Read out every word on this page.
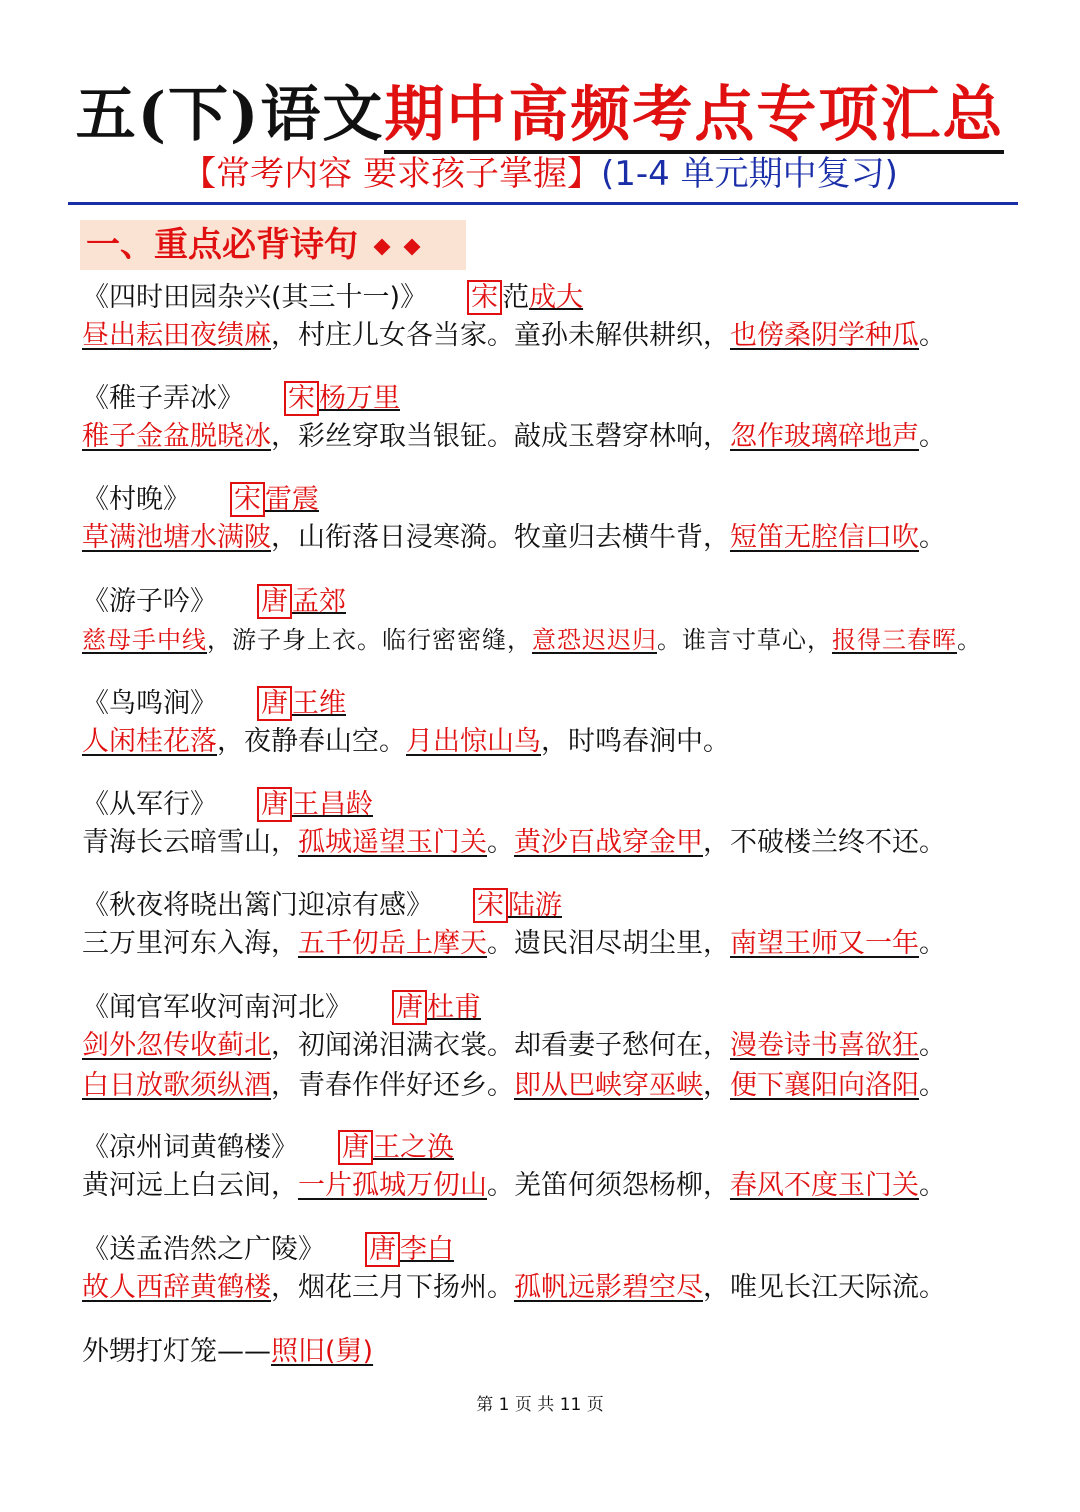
五(下)语文期中高频考点专项汇总
【常考内容 要求孩子掌握】(1-4 单元期中复习)
一、重点必背诗句
《四时田园杂兴(其三十一)》 宋 范成大
昼出耘田夜绩麻，村庄儿女各当家。童孙未解供耕织，也傍桑阴学种瓜。
《稚子弄冰》 宋 杨万里
稚子金盆脱晓冰，彩丝穿取当银钲。敲成玉磬穿林响，忽作玻璃碎地声。
《村晚》 宋 雷震
草满池塘水满陂，山衔落日浸寒漪。牧童归去横牛背，短笛无腔信口吹。
《游子吟》 唐 孟郊
慈母手中线，游子身上衣。临行密密缝，意恐迟迟归。谁言寸草心，报得三春晖。
《鸟鸣涧》 唐 王维
人闲桂花落，夜静春山空。月出惊山鸟，时鸣春涧中。
《从军行》 唐 王昌龄
青海长云暗雪山，孤城遥望玉门关。黄沙百战穿金甲，不破楼兰终不还。
《秋夜将晓出篱门迎凉有感》 宋 陆游
三万里河东入海，五千仞岳上摩天。遗民泪尽胡尘里，南望王师又一年。
《闻官军收河南河北》 唐 杜甫
剑外忽传收蓟北，初闻涕泪满衣裳。却看妻子愁何在，漫卷诗书喜欲狂。
白日放歌须纵酒，青春作伴好还乡。即从巴峡穿巫峡，便下襄阳向洛阳。
《凉州词黄鹤楼》 唐 王之涣
黄河远上白云间，一片孤城万仞山。羌笛何须怨杨柳，春风不度玉门关。
《送孟浩然之广陵》 唐 李白
故人西辞黄鹤楼，烟花三月下扬州。孤帆远影碧空尽，唯见长江天际流。
外甥打灯笼——照旧(舅)
第 1 页 共 11 页
